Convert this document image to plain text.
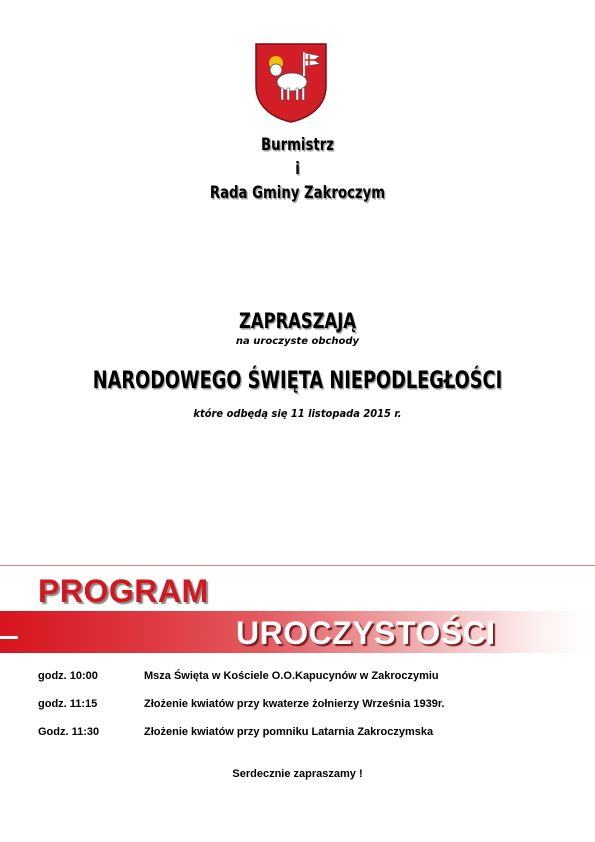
Burmistrz
i
Rada Gminy Zakroczym
ZAPRASZAJĄ
na uroczyste obchody
NARODOWEGO ŚWIĘTA NIEPODLEGŁOŚCI
które odbędą się 11 listopada 2015 r.
PROGRAM
UROCZYSTOŚCI
godz. 10:00	Msza Święta w Kościele O.O.Kapucynów w Zakroczymiu
godz. 11:15	Złożenie kwiatów przy kwaterze żołnierzy Września 1939r.
Godz. 11:30	Złożenie kwiatów przy pomniku Latarnia Zakroczymska
Serdecznie zapraszamy !
